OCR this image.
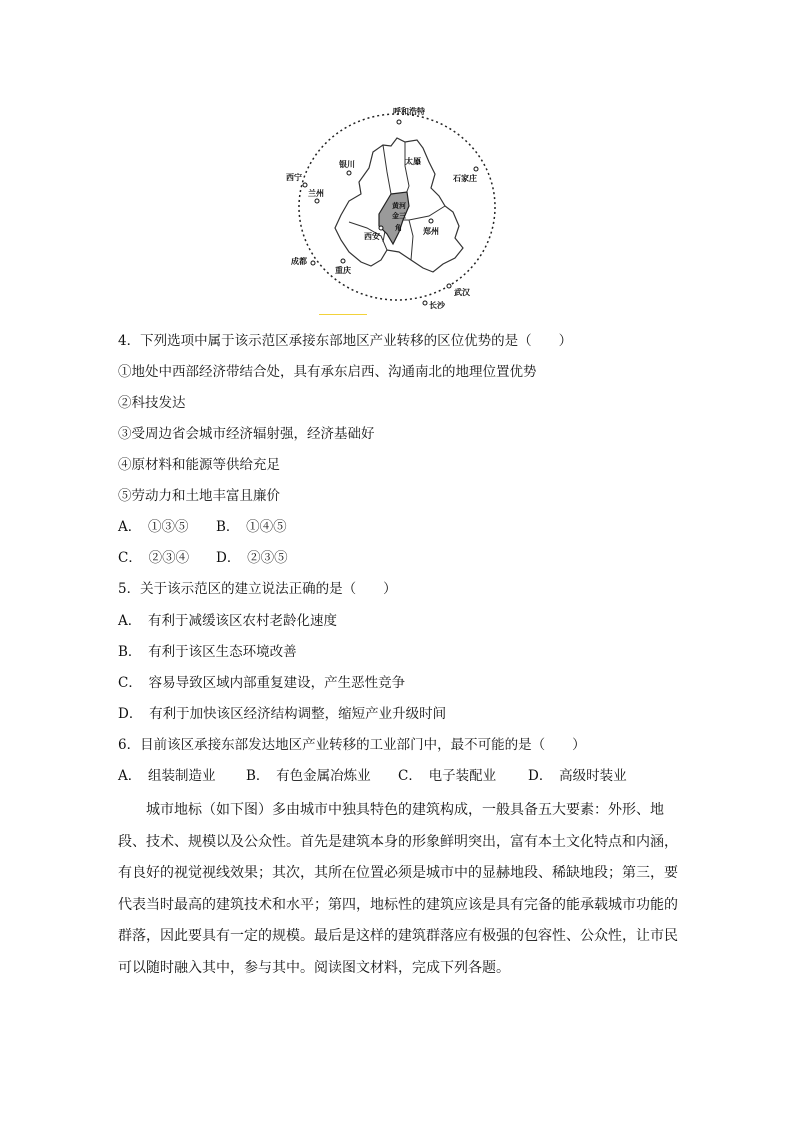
黄河
金三
角
呼和浩特
银川	太原
西宁
兰州
石家庄
郑州
西安
成都
重庆
武汉
长沙
4．下列选项中属于该示范区承接东部地区产业转移的区位优势的是（　　）
①地处中西部经济带结合处，具有承东启西、沟通南北的地理位置优势
②科技发达
③受周边省会城市经济辐射强，经济基础好
④原材料和能源等供给充足
⑤劳动力和土地丰富且廉价
A．　①③⑤ B．　①④⑤
C．　②③④ D．　②③⑤
5．关于该示范区的建立说法正确的是（　　）
A．　有利于减缓该区农村老龄化速度
B．　有利于该区生态环境改善
C．　容易导致区域内部重复建设，产生恶性竞争
D．　有利于加快该区经济结构调整，缩短产业升级时间
6．目前该区承接东部发达地区产业转移的工业部门中，最不可能的是（　　）
A．　组装制造业 B．　有色金属冶炼业 C．　电子装配业 D．　高级时装业
城市地标（如下图）多由城市中独具特色的建筑构成，一般具备五大要素：外形、地段、技术、规模以及公众性。首先是建筑本身的形象鲜明突出，富有本土文化特点和内涵，有良好的视觉视线效果；其次，其所在位置必须是城市中的显赫地段、稀缺地段；第三，要代表当时最高的建筑技术和水平；第四，地标性的建筑应该是具有完备的能承载城市功能的群落，因此要具有一定的规模。最后是这样的建筑群落应有极强的包容性、公众性，让市民可以随时融入其中，参与其中。阅读图文材料，完成下列各题。
